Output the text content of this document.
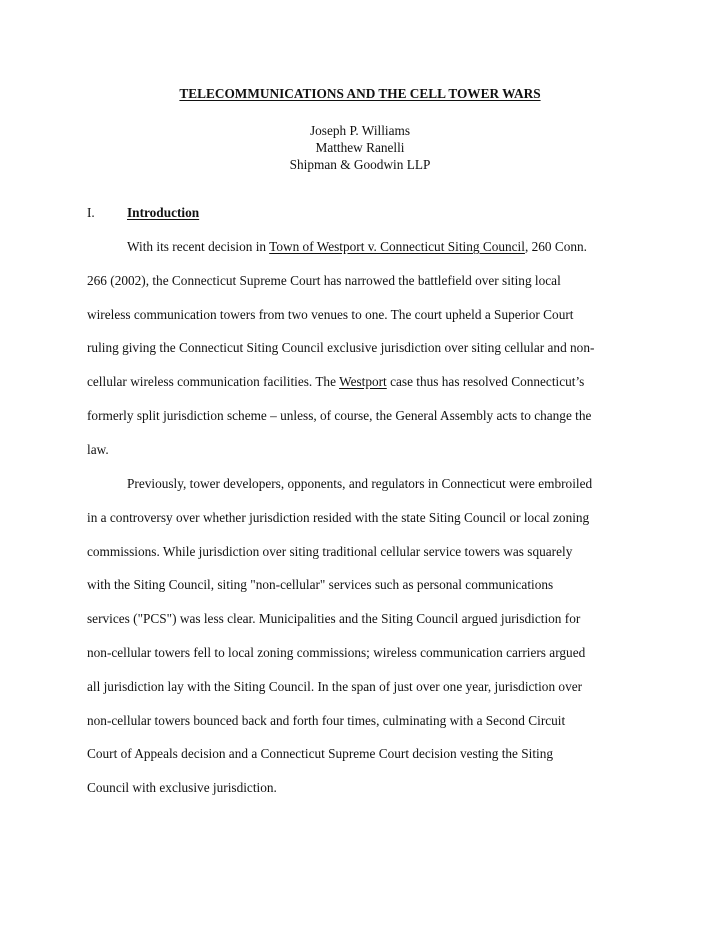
TELECOMMUNICATIONS AND THE CELL TOWER WARS
Joseph P. Williams
Matthew Ranelli
Shipman & Goodwin LLP
I. Introduction
With its recent decision in Town of Westport v. Connecticut Siting Council, 260 Conn.
266 (2002), the Connecticut Supreme Court has narrowed the battlefield over siting local
wireless communication towers from two venues to one. The court upheld a Superior Court
ruling giving the Connecticut Siting Council exclusive jurisdiction over siting cellular and non-
cellular wireless communication facilities. The Westport case thus has resolved Connecticut’s
formerly split jurisdiction scheme – unless, of course, the General Assembly acts to change the
law.
Previously, tower developers, opponents, and regulators in Connecticut were embroiled
in a controversy over whether jurisdiction resided with the state Siting Council or local zoning
commissions. While jurisdiction over siting traditional cellular service towers was squarely
with the Siting Council, siting "non-cellular" services such as personal communications
services ("PCS") was less clear. Municipalities and the Siting Council argued jurisdiction for
non-cellular towers fell to local zoning commissions; wireless communication carriers argued
all jurisdiction lay with the Siting Council. In the span of just over one year, jurisdiction over
non-cellular towers bounced back and forth four times, culminating with a Second Circuit
Court of Appeals decision and a Connecticut Supreme Court decision vesting the Siting
Council with exclusive jurisdiction.
